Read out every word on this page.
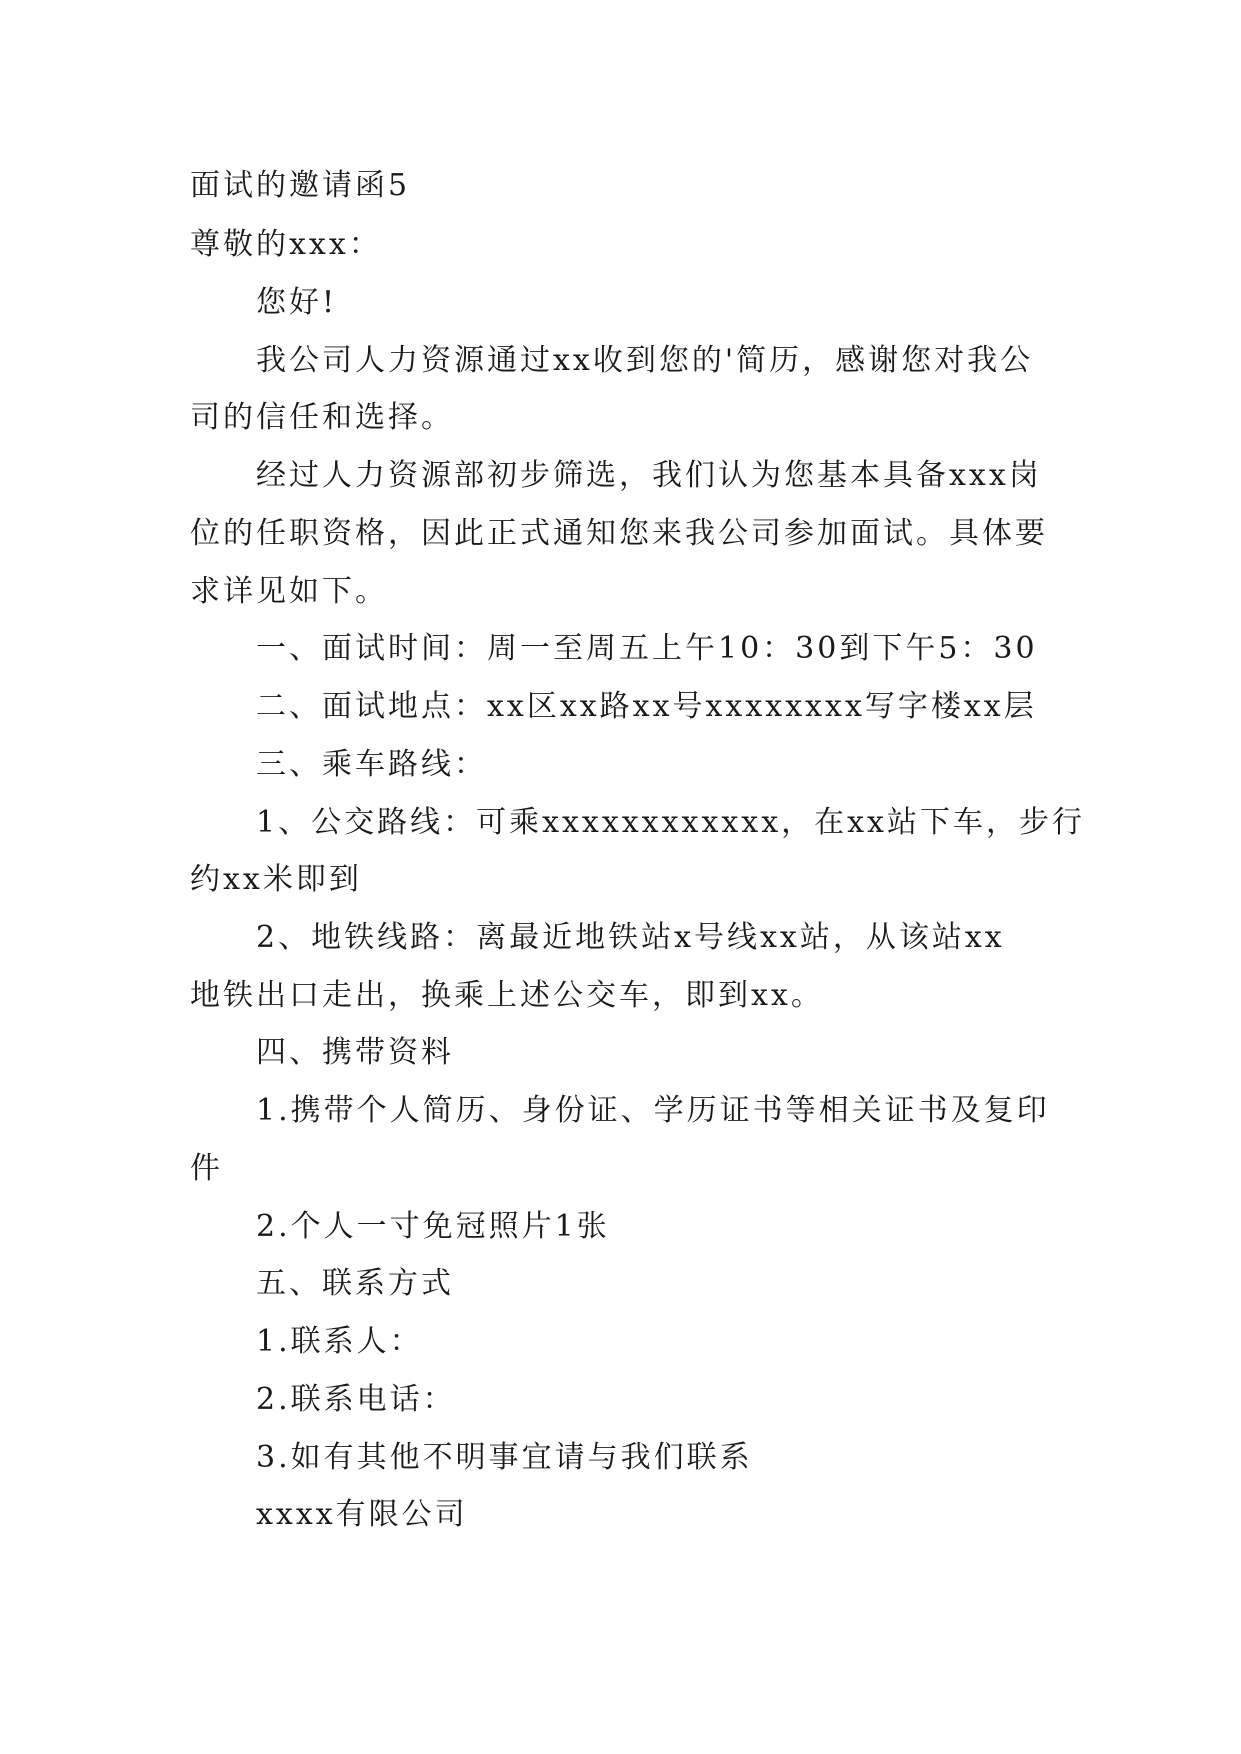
面试的邀请函5
尊敬的xxx：
您好!
我公司人力资源通过xx收到您的'简历，感谢您对我公
司的信任和选择。
经过人力资源部初步筛选，我们认为您基本具备xxx岗
位的任职资格，因此正式通知您来我公司参加面试。具体要
求详见如下。
一、面试时间：周一至周五上午10：30到下午5：30
二、面试地点：xx区xx路xx号xxxxxxxx写字楼xx层
三、乘车路线：
1、公交路线：可乘xxxxxxxxxxxx，在xx站下车，步行
约xx米即到
2、地铁线路：离最近地铁站x号线xx站，从该站xx
地铁出口走出，换乘上述公交车，即到xx。
四、携带资料
1.携带个人简历、身份证、学历证书等相关证书及复印
件
2.个人一寸免冠照片1张
五、联系方式
1.联系人：
2.联系电话：
3.如有其他不明事宜请与我们联系
xxxx有限公司
